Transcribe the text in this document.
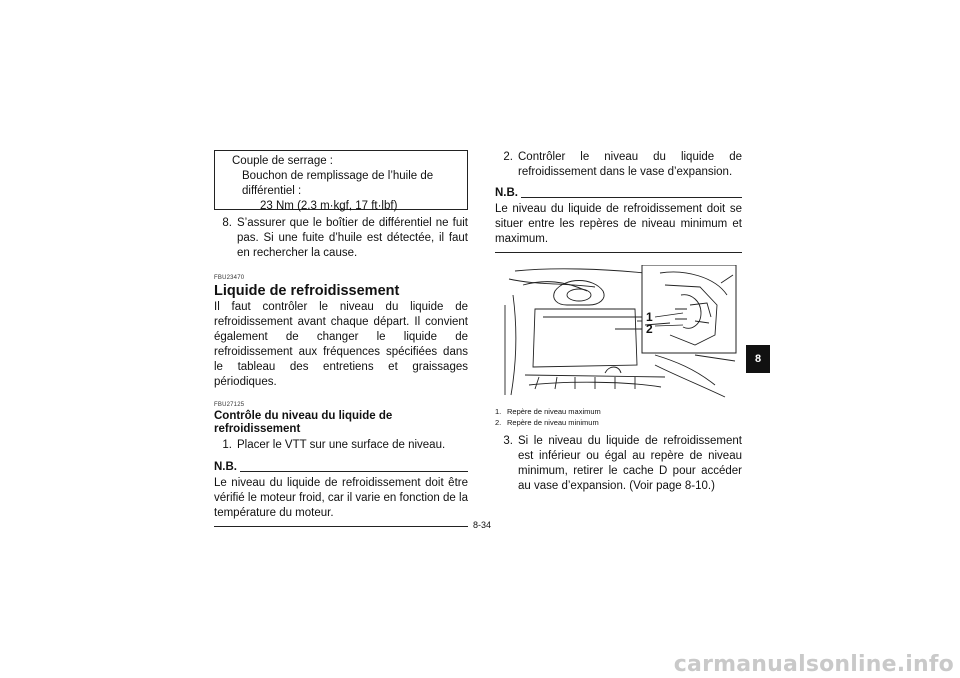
Couple de serrage :
Bouchon de remplissage de l’huile de
différentiel :
23 Nm (2.3 m·kgf, 17 ft·lbf)
8. S’assurer que le boîtier de différentiel ne fuit pas. Si une fuite d’huile est détectée, il faut en rechercher la cause.
FBU23470
Liquide de refroidissement
Il faut contrôler le niveau du liquide de refroidissement avant chaque départ. Il convient également de changer le liquide de refroidissement aux fréquences spécifiées dans le tableau des entretiens et graissages périodiques.
FBU27125
Contrôle du niveau du liquide de refroidissement
1. Placer le VTT sur une surface de niveau.
N.B.
Le niveau du liquide de refroidissement doit être vérifié le moteur froid, car il varie en fonction de la température du moteur.
2. Contrôler le niveau du liquide de refroidissement dans le vase d’expansion.
N.B.
Le niveau du liquide de refroidissement doit se situer entre les repères de niveau minimum et maximum.
1
2
1. Repère de niveau maximum
2. Repère de niveau minimum
3. Si le niveau du liquide de refroidissement est inférieur ou égal au repère de niveau minimum, retirer le cache D pour accéder au vase d’expansion. (Voir page 8-10.)
8-34
8
carmanualsonline.info
